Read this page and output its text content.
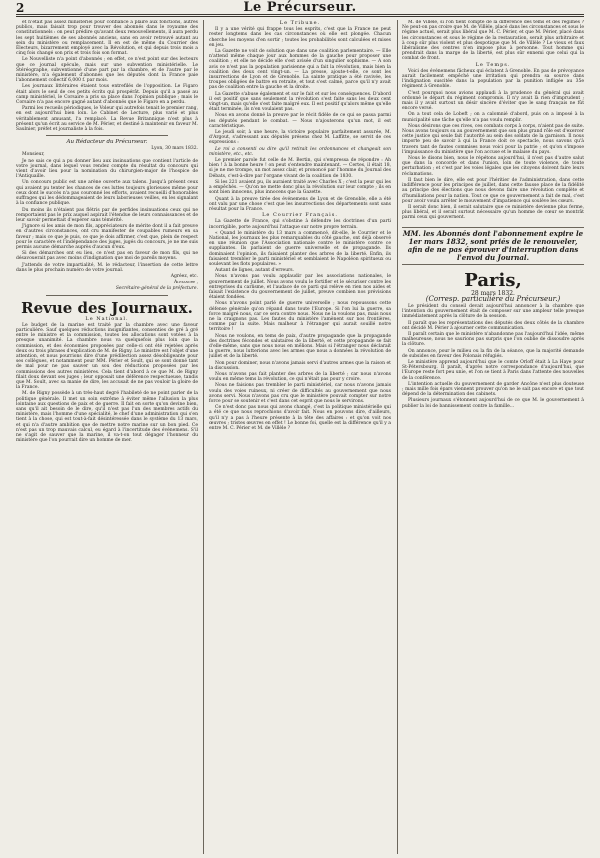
2	Le Précurseur.

et n'était pas assez ministériel pour confiance à plaire aux fonctions, autres publics, mais faisait trop pour trouver des abonnés dans le royaume des constitutionnels : on peut prédire qu'avant deux renouvellements, il aura perdu les sept huitièmes de ses abonnés anciens, sans en avoir retrouvé autant au sein du ministère ou remplacement. Il en est de même du Courrier des Électeurs, bizarrement employé avec la Révolution, et qui depuis trois mois a cinq fois changé son prix et trois fois son format.

Le Nouvelliste n'a point d'abonnés ; en effet, ce n'est point sur des lecteurs que ce journal spécule, mais sur une subvention ministérielle. Le Stéréographe, subventionné d'une part par la chambre, et de l'autre par le ministère, n'a également d'abonnés que les députés dont la France paie l'abonnement collectif 6,000 f. par mois.

Les journaux littéraires étaient tous entrefilés de l'opposition. Le Figaro était alors le seul de ces petits écrits qui prospérât. Depuis qu'il a passé au camp ministériel, le Corsaire a pris sa place dans l'opinion publique ; mais le Corsaire n'a pas encore gagné autant d'abonnés que le Figaro en a perdu.

Parmi les recueils périodiques, le Voleur qui autrefois tenait le premier rang, en est aujourd'hui bien loin. Le Cabinet de Lecture, plus varié et plus véritablement amusant, l'a remplacé. La Revue Britannique n'est plus à présent qu'un écrit au service de M. Périer, et destiné à maintenir en faveur M. Saulnier, préfet et journaliste à la fois.

Au Rédacteur du Précurseur.

Lyon, 30 mars 1832.

Monsieur,

Je ne sais ce qui a pu donner lieu aux insinuations que contient l'article de votre journal, dans lequel vous rendez compte du résultat du concours qui vient d'avoir lieu pour la nomination du chirurgien-major de l'hospice de l'Antiquaille.

Un concours public est une arène ouverte aux talens. Jusqu'à présent ceux qui avaient pu tenter les chances de ces luttes toujours glorieuses même pour ceux dont le succès n'a pas couronné les efforts, avaient recueilli d'honorables suffrages qui les dédommageaient de leurs laborieuses veilles, en les signalant à la confiance publique.

Du moins ils n'étaient pas flétris par de perfides insinuations ceux qui ne remportaient pas le prix auquel aspirait l'étendue de leurs connaissances et de leur savoir permettait d'espérer sans témérité.

J'ignore si les amis de mon fils, appréciateurs de mérite dont il a fait preuve en d'autres circonstances, ont cru manifester de coupables rumeurs en sa faveur ; mais ce que je puis, ce que je dois affirmer, c'est que, plein de respect pour le caractère et l'indépendance des juges, jugés du concours, je ne me suis permis aucune démarche auprès d'aucun d'eux.

Si des démarches ont eu lieu, ce n'est pas en faveur de mon fils, qui ne désavouerait pas avec moins d'indignation que moi de pareils moyens.

J'attends de votre impartialité, M. le rédacteur, l'insertion de cette lettre dans le plus prochain numéro de votre journal.

Agréez, etc.

Alexandre ,

Secrétaire-général de la préfecture.

Revue des Journaux.
Le National.

Le budget de la marine est traité par la chambre avec une faveur particulière. Sauf quelques réductions insignifiantes, consenties de gré à gré entre le ministre et la commission, toutes les allocations sont votées à la presque unanimité. La chambre nous va quelquefois plus loin que la commission, et des économies proposées par celle-ci ont été rejetées après deux ou trois phrases d'explication de M. de Rigny. Le ministre est l'objet d'une attention, et nous pourrions dire d'une prédilection assez désobligeante pour ses collègues, et notamment pour MM. Périer et Soult, qui se sont donné tant de mal pour ne pas sauver un sou des réductions proposées par les commissions des autres ministères. Cela tient d'abord à ce que M. de Rigny filait doux devant ses juges ; leur opposait une déférence respectueuse, tandis que M. Soult, avec sa manie de dire, les accusait de ne pas vouloir la gloire de la France.

M. de Rigny possède à un très-haut degré l'habileté de ne point parler de la politique générale. Il met un soin extrême à éviter même l'allusion la plus lointaine aux questions de paix et de guerre. Il fait en sorte qu'on devine bien, sans qu'il ait besoin de le dire, qu'il n'est pas l'un des membres actifs du ministère, mais l'homme d'une spécialité, le chef d'une administration qui s'en tient à la chose, qui est tout-à-fait désintéressée dans le système du 13 mars, et qui n'a d'autre ambition que de mettre notre marine sur un bon pied. Ce n'est pas un trop mauvais calcul, eu égard à l'incertitude des événemens. S'il ne s'agit de sauver que la marine, il va-t-on tout dégager l'honneur du ministère que l'on pourrait dire un homme de mer.

Le Tribune.

Il y a une vérité qui frappe tous les esprits, c'est que la France ne peut rester longtems dans les cas circonstances où elle est plongée. Chacun cherche les moyens d'en sortir ; toutes les probabilités sont calculées et mises en jeu.

La Gazette ne voit de solution que dans une coalition parlementaire. — Elle n'attend même chaque jour aux hommes de la gauche pour proposer une coalition ; et elle ne décide elle s'est avisée d'un singulier sophisme. — A son avis ce n'est pas la population parisienne qui a fait la révolution, mais bien la coalition des deux cent vingt-un. — La presse, ajoute-t-elle, ce sont les insurrections de Lyon et de Grenoble. La sainte pratique a été ravivée, les troupes obligées de battre en retraite, et tout s'est calmé, parce qu'il n'y avait pas de coalition entre la gauche et la droite.

La Gazette s'abuse également et sur le fait et sur les conséquences. D'abord il est positif que sans seulement la révolution s'est faite sans les deux cent vingt-un, mais qu'elle s'est faite malgré eux. Il est positif qu'alors même qu'elle était terminée, ils n'en voulaient pas.

Nous en avons donné la preuve par le récit fidèle de ce qui se passa parmi les députés pendant le combat. — Nous n'ajouterons qu'un mot, il est caractéristique.

Le jeudi soir, à une heure, la victoire populaire parfaitement assurée, M. d'Argout, s'adressant aux députés présens chez M. Laffitte, se servit de ces expressions :

Le roi a consenti ou dire qu'il retirait les ordonnances et changeait son ministère, etc., etc.

Le premier parole fut celle de M. Bertin, qui s'empressa de répondre : Ah bien ! à la bonne heure ! on peut s'entendre maintenant. — Certes, il était 18, si je ne me trompe, un mot assez clair, et prononcé par l'homme du Journal des Débats, c'est-à-dire par l'organe vivant de la coalition de 1830.

Si les 221 avaient pu, ils auraient traité avec Charles X ; c'est la peur qui les a empêchés. — Qu'on ne mette donc plus la révolution sur leur compte ; ils en sont bien innocens, plus innocens que la Gazette.

Quant à la preuve tirée des événemens de Lyon et de Grenoble, elle a été ont valu par une chose c'est que les insurrections des départements sont sans résultat pour la France.

Le Courrier Français.

La Gazette de France, qui s'obstine à défendre les doctrines d'un parti incorrigible, porte aujourd'hui l'attaque sur notre propre terrain.

« Quand le ministère du 13 mars a commencé, dit-elle, le Courrier et le National, les journaux les plus remarquables du côté gauche, ont déjà observé en une réunion que l'Association nationale contre le ministère contre ce suppliantes. Ils parlaient de guerre universelle et de propagande. Ils dominaient l'opinion, ils faisaient planter des arbres de la liberté. Enfin, ils faisaient trembler le parti ministériel et semblaient le Napoléon spiritueux ou soulevant les flots populaires. »

Autant de lignes, autant d'erreurs.

Nous n'avons pas voulu applaudir par les associations nationales, le gouvernement de juillet. Nous avons voulu le fortifier et le sécuriser contre les entreprises du carlisme, et l'audace de ce parti qui relève en rien nos aides et faisait l'existence du gouvernement de juillet, preuve combien nos prévisions étaient fondées.

Nous n'avons point parlé de guerre universelle ; nous repoussons cette défense générale qu'on répand dans toute l'Europe. Si l'on lui la guerre, sa force malgré nous, car ce sera contre nous. Nous ne la voulons pas, mais nous ne la craignons pas. Les fautes du ministère l'amènent sur nos frontières, comme par la suite. Mais malheur à l'étranger qui aurait souillé notre territoire !

Nous ne voulons, en tems de paix, d'autre propagande que la propagande des doctrines fécondes et salutaires de la liberté, et cette propagande se fait d'elle-même, sans que nous nous en mêlions. Mais si l'étranger nous déclarait la guerre, nous lutterions avec les armes que nous a données la révolution de juillet et de la liberté.

Non pour dominer, nous n'avons jamais servi d'autres armes que la raison et la discussion.

Nous n'avons pas fait planter des arbres de la liberté ; car nous n'avons voulu en même tems la révolution, ce qui n'était pas pour y croire.

Nous ne faisions pas trembler le parti ministériel, car nous n'avons jamais voulu des voies ruineux, ni créer de difficultés au gouvernement que nous avons servi. Nous n'avons pas cru que le ministère pouvait compter sur notre force pour se soutenir et c'est dans cet esprit que nous le servirons.

Ce n'est donc pas nous qui avons changé, c'est la politique ministérielle qui a été ce que nous reprochions d'avoir fait. Nous en pouvons dire, d'ailleurs, qu'il n'y a pas à l'heure présente à la tête des affaires : et qu'on voit nos œuvres ; tristes œuvres en effet ! Le bonne foi, quelle est la différence qu'il y a entre M. C. Périer et M. de Villèle ?

M. de Villèle, si l'on tient compte de la différence des tems et des régimes ? Ne peut-on pas croire que M. de Villèle, placé dans les circonstances et sous le régime actuel, serait plus libéral que M. C. Périer, et que M. Périer, placé dans les circonstances et sous le régime de la restauration, serait plus arbitraire et à coup sûr plus violent et plus despotique que M. de Villèle ? Le vieux et faux libéralisme des centres n'en impose plus à personne. Tout homme qui prendrait dans la marge de la liberté, est plus sûr ennemi que celui qui la combat de front.

Le Temps.

Voici des événemens fâcheux qui éclatent à Grenoble. En pas de prévoyance aurait facilement empêché une irritation qui prendra sa source dans l'indignation suscitée dans la population par la punition infligée au 35e régiment à Grenoble.

C'est pourquoi nous avions applaudi à la prudence du général qui avait ordonné le départ du régiment compromis. Il n'y avait là rien d'imprudent ; mais il y avait surtout un désir sincère d'éviter que le sang français ne fût encore versé.

On a tout cela de Lobeft ; on a calomnié d'abord, puis on a imposé à la municipalité une tâche qu'elle n'a pas voulu remplir.

Nous désirons que ces rives, ces combats corps à corps, n'aient pas de suite. Nous avons toujours su au gouvernement que son plus grand rôle est d'exercer cette justice qui seule fait l'autorité au sein des soldats de la garnison. Il nous importe peu de savoir à qui la France doit ce spectacle, nous savons qu'à travers tant de fautes commises nous voici pour la patrie ; et qu'on s'impose l'impuissance du ministère que l'on accuse et le malaise du pays.

Nous le disons bien, nous le répétons aujourd'hui, il n'est pas d'autre salut que dans la concorde et dans l'union, loin de toute violence, de toute perturbation ; et c'est par les voies légales que les citoyens doivent faire leurs réclamations.

Il faut bien le dire, elle est pour l'héritier de l'administration, dans cette indifférence pour les principes de juillet, dans cette fausse place de la fidélité au principe des élections que nous devons faire une révolution complète et d'humiliations pour la nation. Tout ce que ce gouvernement a fait de mal, c'est pour avoir voulu arrêter le mouvement d'impatience qui soulève les cœurs.

Il serait donc bien, il serait salutaire que ce ministère devienne plus ferme, plus libéral, et il serait surtout nécessaire qu'un homme de cœur se montrât parmi ceux qui gouvernent.

MM. les Abonnés dont l'abonnement expire le 1er mars 1832, sont priés de le renouveler, afin de ne pas éprouver d'interruption dans l'envoi du Journal.
Paris,
28 mars 1832.
(Corresp. particulière du Précurseur.)

Le président du conseil devait aujourd'hui annoncer à la chambre que l'intention du gouvernement était de composer sur une ampleur telle presque immédiatement après la clôture de la session.

Il paraît que les représentations des députés des deux côtés de la chambre ont décidé M. Périer à ajourner cette communication.

Il paraît certain que le ministère n'abandonne pas l'aujourd'hui l'idée, même malheureuse, nous ne saurions pas surpris que l'on oublie de dissoudre après la clôture.

On annonce, pour le milieu ou la fin de la séance, que la majorité demande de subsides en faveur des Polonais réfugiés.

Le ministère apprend aujourd'hui que le comte Orloff était à La Haye pour St-Pétersbourg. Il paraît, d'après notre correspondance d'aujourd'hui, que l'Europe reste fort peu unie, et l'on se tient à Paris dans l'attente des nouvelles de la conférence.

L'intention actuelle du gouvernement de garder Ancône n'est plus douteuse ; mais mille fois épars viennent prouver qu'on ne le sait pas encore et que tout dépend de la détermination des cabinets.

Plusieurs journaux s'étonnent aujourd'hui de ce que M. le gouvernement à publier la loi de bannissement contre la famille...
